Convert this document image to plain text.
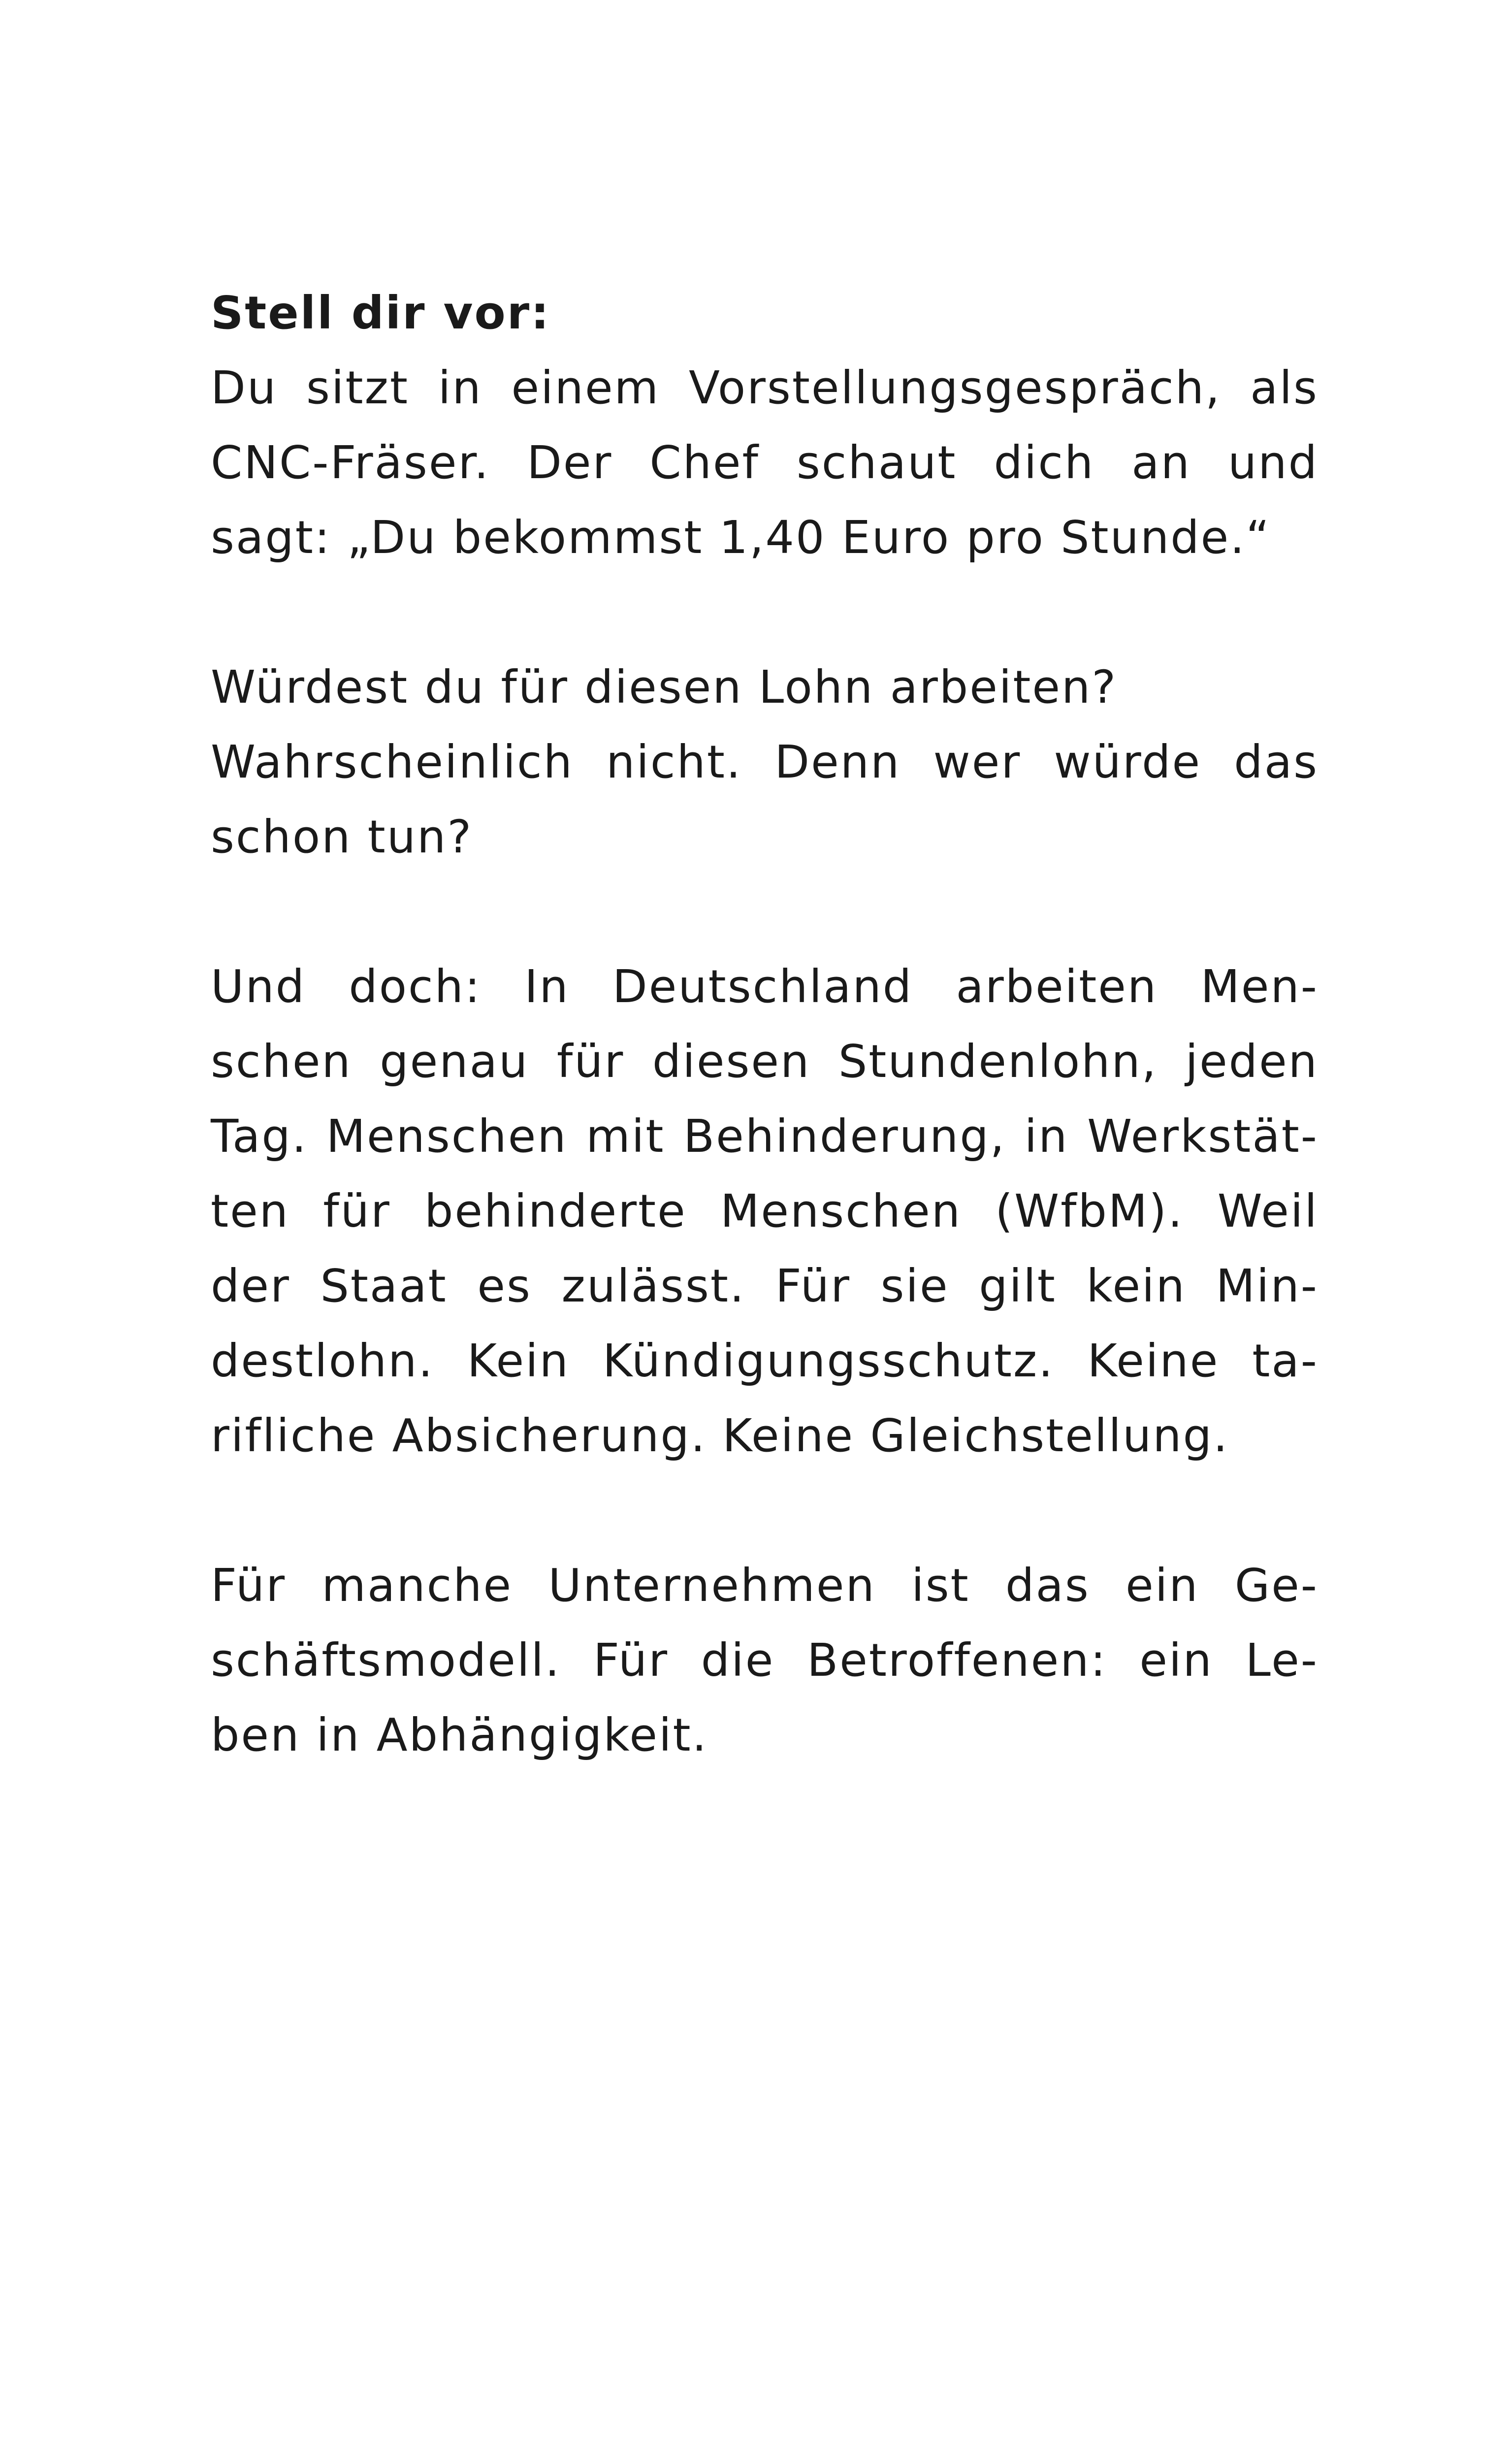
Stell dir vor:
Du sitzt in einem Vorstellungsgespräch, als
CNC-Fräser. Der Chef schaut dich an und
sagt: „Du bekommst 1,40 Euro pro Stunde.“
Würdest du für diesen Lohn arbeiten?
Wahrscheinlich nicht. Denn wer würde das
schon tun?
Und doch: In Deutschland arbeiten Men-
schen genau für diesen Stundenlohn, jeden
Tag. Menschen mit Behinderung, in Werkstät-
ten für behinderte Menschen (WfbM). Weil
der Staat es zulässt. Für sie gilt kein Min-
destlohn. Kein Kündigungsschutz. Keine ta-
rifliche Absicherung. Keine Gleichstellung.
Für manche Unternehmen ist das ein Ge-
schäftsmodell. Für die Betroffenen: ein Le-
ben in Abhängigkeit.
